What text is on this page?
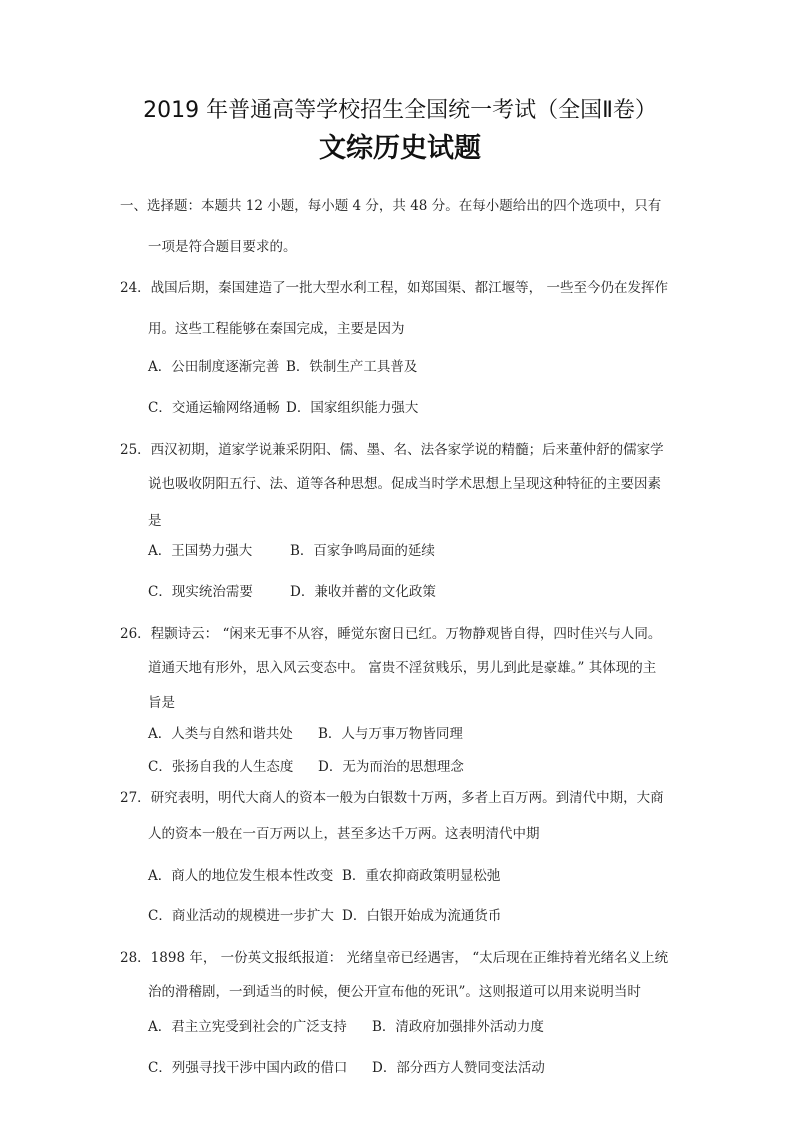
2019 年普通高等学校招生全国统一考试（全国Ⅱ卷）
文综历史试题
一、选择题：本题共 12 小题，每小题 4 分，共 48 分。在每小题给出的四个选项中，只有
一项是符合题目要求的。
24．战国后期，秦国建造了一批大型水利工程，如郑国渠、都江堰等， 一些至今仍在发挥作
用。这些工程能够在秦国完成，主要是因为
A．公田制度逐渐完善 B．铁制生产工具普及
C．交通运输网络通畅 D．国家组织能力强大
25．西汉初期，道家学说兼采阴阳、儒、墨、名、法各家学说的精髓；后来董仲舒的儒家学
说也吸收阴阳五行、法、道等各种思想。促成当时学术思想上呈现这种特征的主要因素
是
A．王国势力强大	B．百家争鸣局面的延续
C．现实统治需要	D．兼收并蓄的文化政策
26．程颢诗云： “闲来无事不从容，睡觉东窗日已红。万物静观皆自得，四时佳兴与人同。
道通天地有形外，思入风云变态中。 富贵不淫贫贱乐，男儿到此是豪雄。” 其体现的主
旨是
A．人类与自然和谐共处 B．人与万事万物皆同理
C．张扬自我的人生态度 D．无为而治的思想理念
27．研究表明，明代大商人的资本一般为白银数十万两，多者上百万两。到清代中期，大商
人的资本一般在一百万两以上，甚至多达千万两。这表明清代中期
A．商人的地位发生根本性改变 B．重农抑商政策明显松弛
C．商业活动的规模进一步扩大 D．白银开始成为流通货币
28．1898 年， 一份英文报纸报道： 光绪皇帝已经遇害， “太后现在正维持着光绪名义上统
治的滑稽剧，一到适当的时候，便公开宣布他的死讯”。这则报道可以用来说明当时
A．君主立宪受到社会的广泛支持 B．清政府加强排外活动力度
C．列强寻找干涉中国内政的借口 D．部分西方人赞同变法活动
